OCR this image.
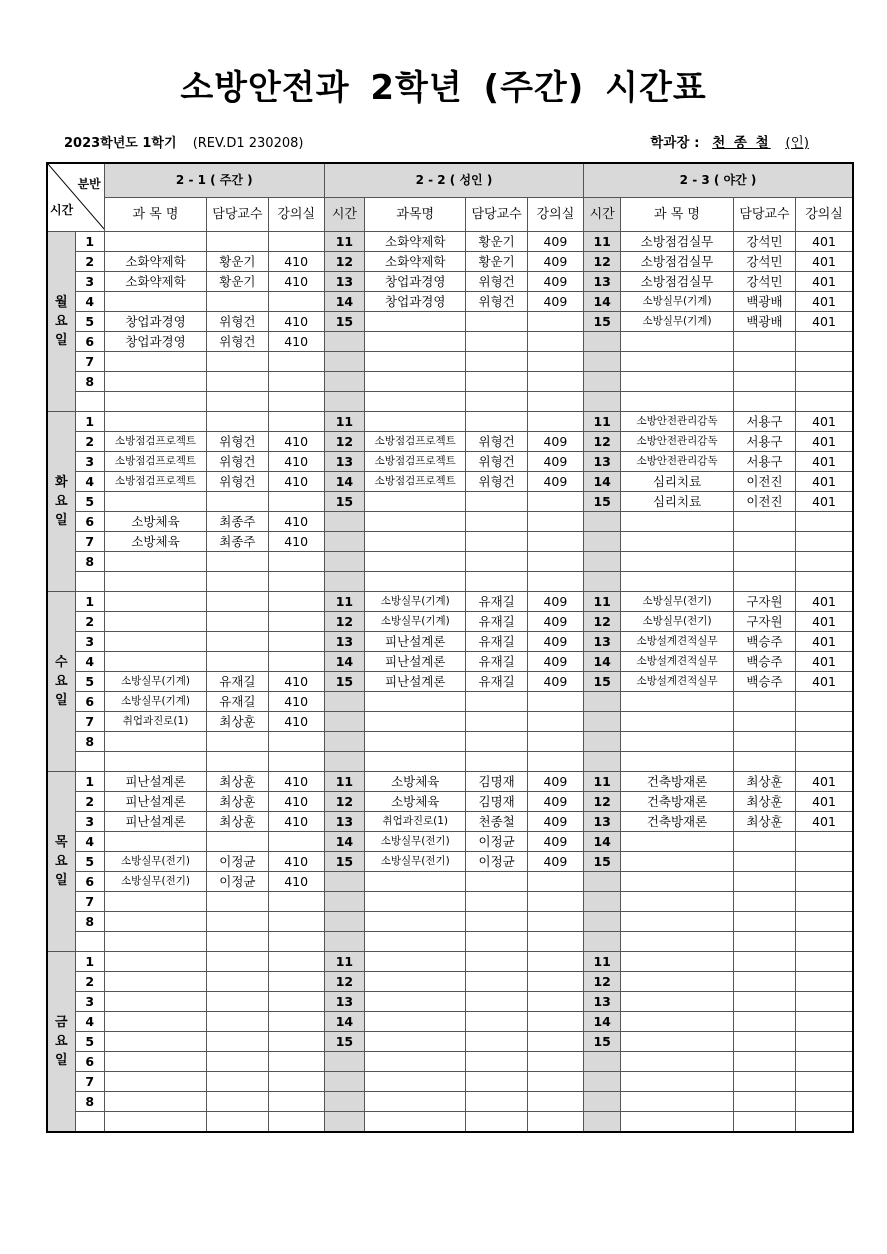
소방안전과 2학년 (주간) 시간표
2023학년도 1학기 (REV.D1 230208)	학과장 : 천 종 철 (인)
분반
시간		2 - 1 ( 주간 )			2 - 2 ( 성인 )				2 - 3 ( 야간 )			
		과 목 명	담당교수	강의실	시간	과목명	담당교수	강의실	시간	과 목 명	담당교수	강의실
월
요
일	1				11	소화약제학	황운기	409	11	소방점검실무	강석민	401
	2	소화약제학	황운기	410	12	소화약제학	황운기	409	12	소방점검실무	강석민	401
	3	소화약제학	황운기	410	13	창업과경영	위형건	409	13	소방점검실무	강석민	401
	4				14	창업과경영	위형건	409	14	소방실무(기계)	백광배	401
	5	창업과경영	위형건	410	15				15	소방실무(기계)	백광배	401
	6	창업과경영	위형건	410								
	7											
	8											

화
요
일	1				11				11	소방안전관리감독	서용구	401
	2	소방점검프로젝트	위형건	410	12	소방점검프로젝트	위형건	409	12	소방안전관리감독	서용구	401
	3	소방점검프로젝트	위형건	410	13	소방점검프로젝트	위형건	409	13	소방안전관리감독	서용구	401
	4	소방점검프로젝트	위형건	410	14	소방점검프로젝트	위형건	409	14	심리치료	이전진	401
	5				15				15	심리치료	이전진	401
	6	소방체육	최종주	410								
	7	소방체육	최종주	410								
	8											

수
요
일	1				11	소방실무(기계)	유재길	409	11	소방실무(전기)	구자원	401
	2				12	소방실무(기계)	유재길	409	12	소방실무(전기)	구자원	401
	3				13	피난설계론	유재길	409	13	소방설계견적실무	백승주	401
	4				14	피난설계론	유재길	409	14	소방설계견적실무	백승주	401
	5	소방실무(기계)	유재길	410	15	피난설계론	유재길	409	15	소방설계견적실무	백승주	401
	6	소방실무(기계)	유재길	410								
	7	취업과진로(1)	최상훈	410								
	8											

목
요
일	1	피난설계론	최상훈	410	11	소방체육	김명재	409	11	건축방재론	최상훈	401
	2	피난설계론	최상훈	410	12	소방체육	김명재	409	12	건축방재론	최상훈	401
	3	피난설계론	최상훈	410	13	취업과진로(1)	천종철	409	13	건축방재론	최상훈	401
	4				14	소방실무(전기)	이정균	409	14			
	5	소방실무(전기)	이정균	410	15	소방실무(전기)	이정균	409	15			
	6	소방실무(전기)	이정균	410								
	7											
	8											

금
요
일	1				11				11			
	2				12				12			
	3				13				13			
	4				14				14			
	5				15				15			
	6											
	7											
	8											
